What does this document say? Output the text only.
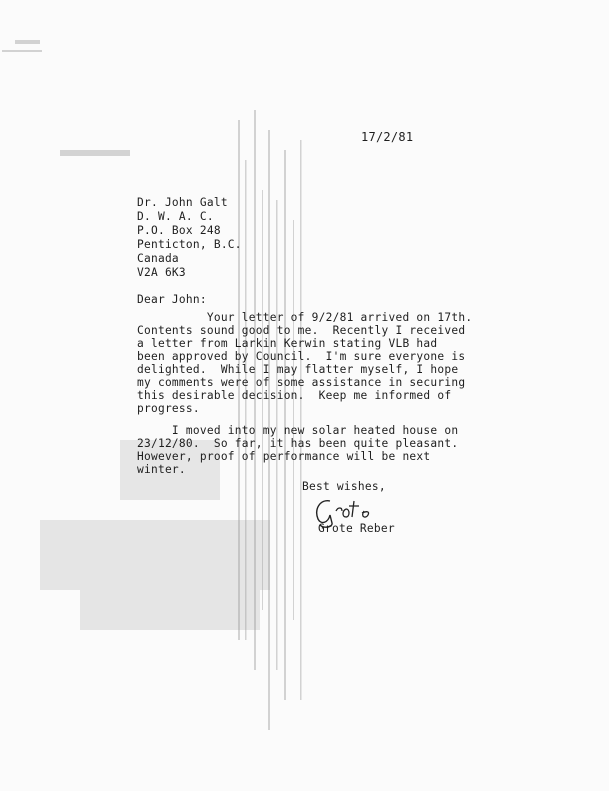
17/2/81
Dr. John Galt
D. W. A. C.
P.O. Box 248
Penticton, B.C.
Canada
V2A 6K3
Dear John:
Your letter of 9/2/81 arrived on 17th.
Contents sound good to me.  Recently I received
a letter from Larkin Kerwin stating VLB had
been approved by Council.  I'm sure everyone is
delighted.  While I may flatter myself, I hope
my comments were of some assistance in securing
this desirable decision.  Keep me informed of
progress.
I moved into my new solar heated house on
23/12/80.  So far, it has been quite pleasant.
However, proof of performance will be next
winter.
Best wishes,
Grote Reber
